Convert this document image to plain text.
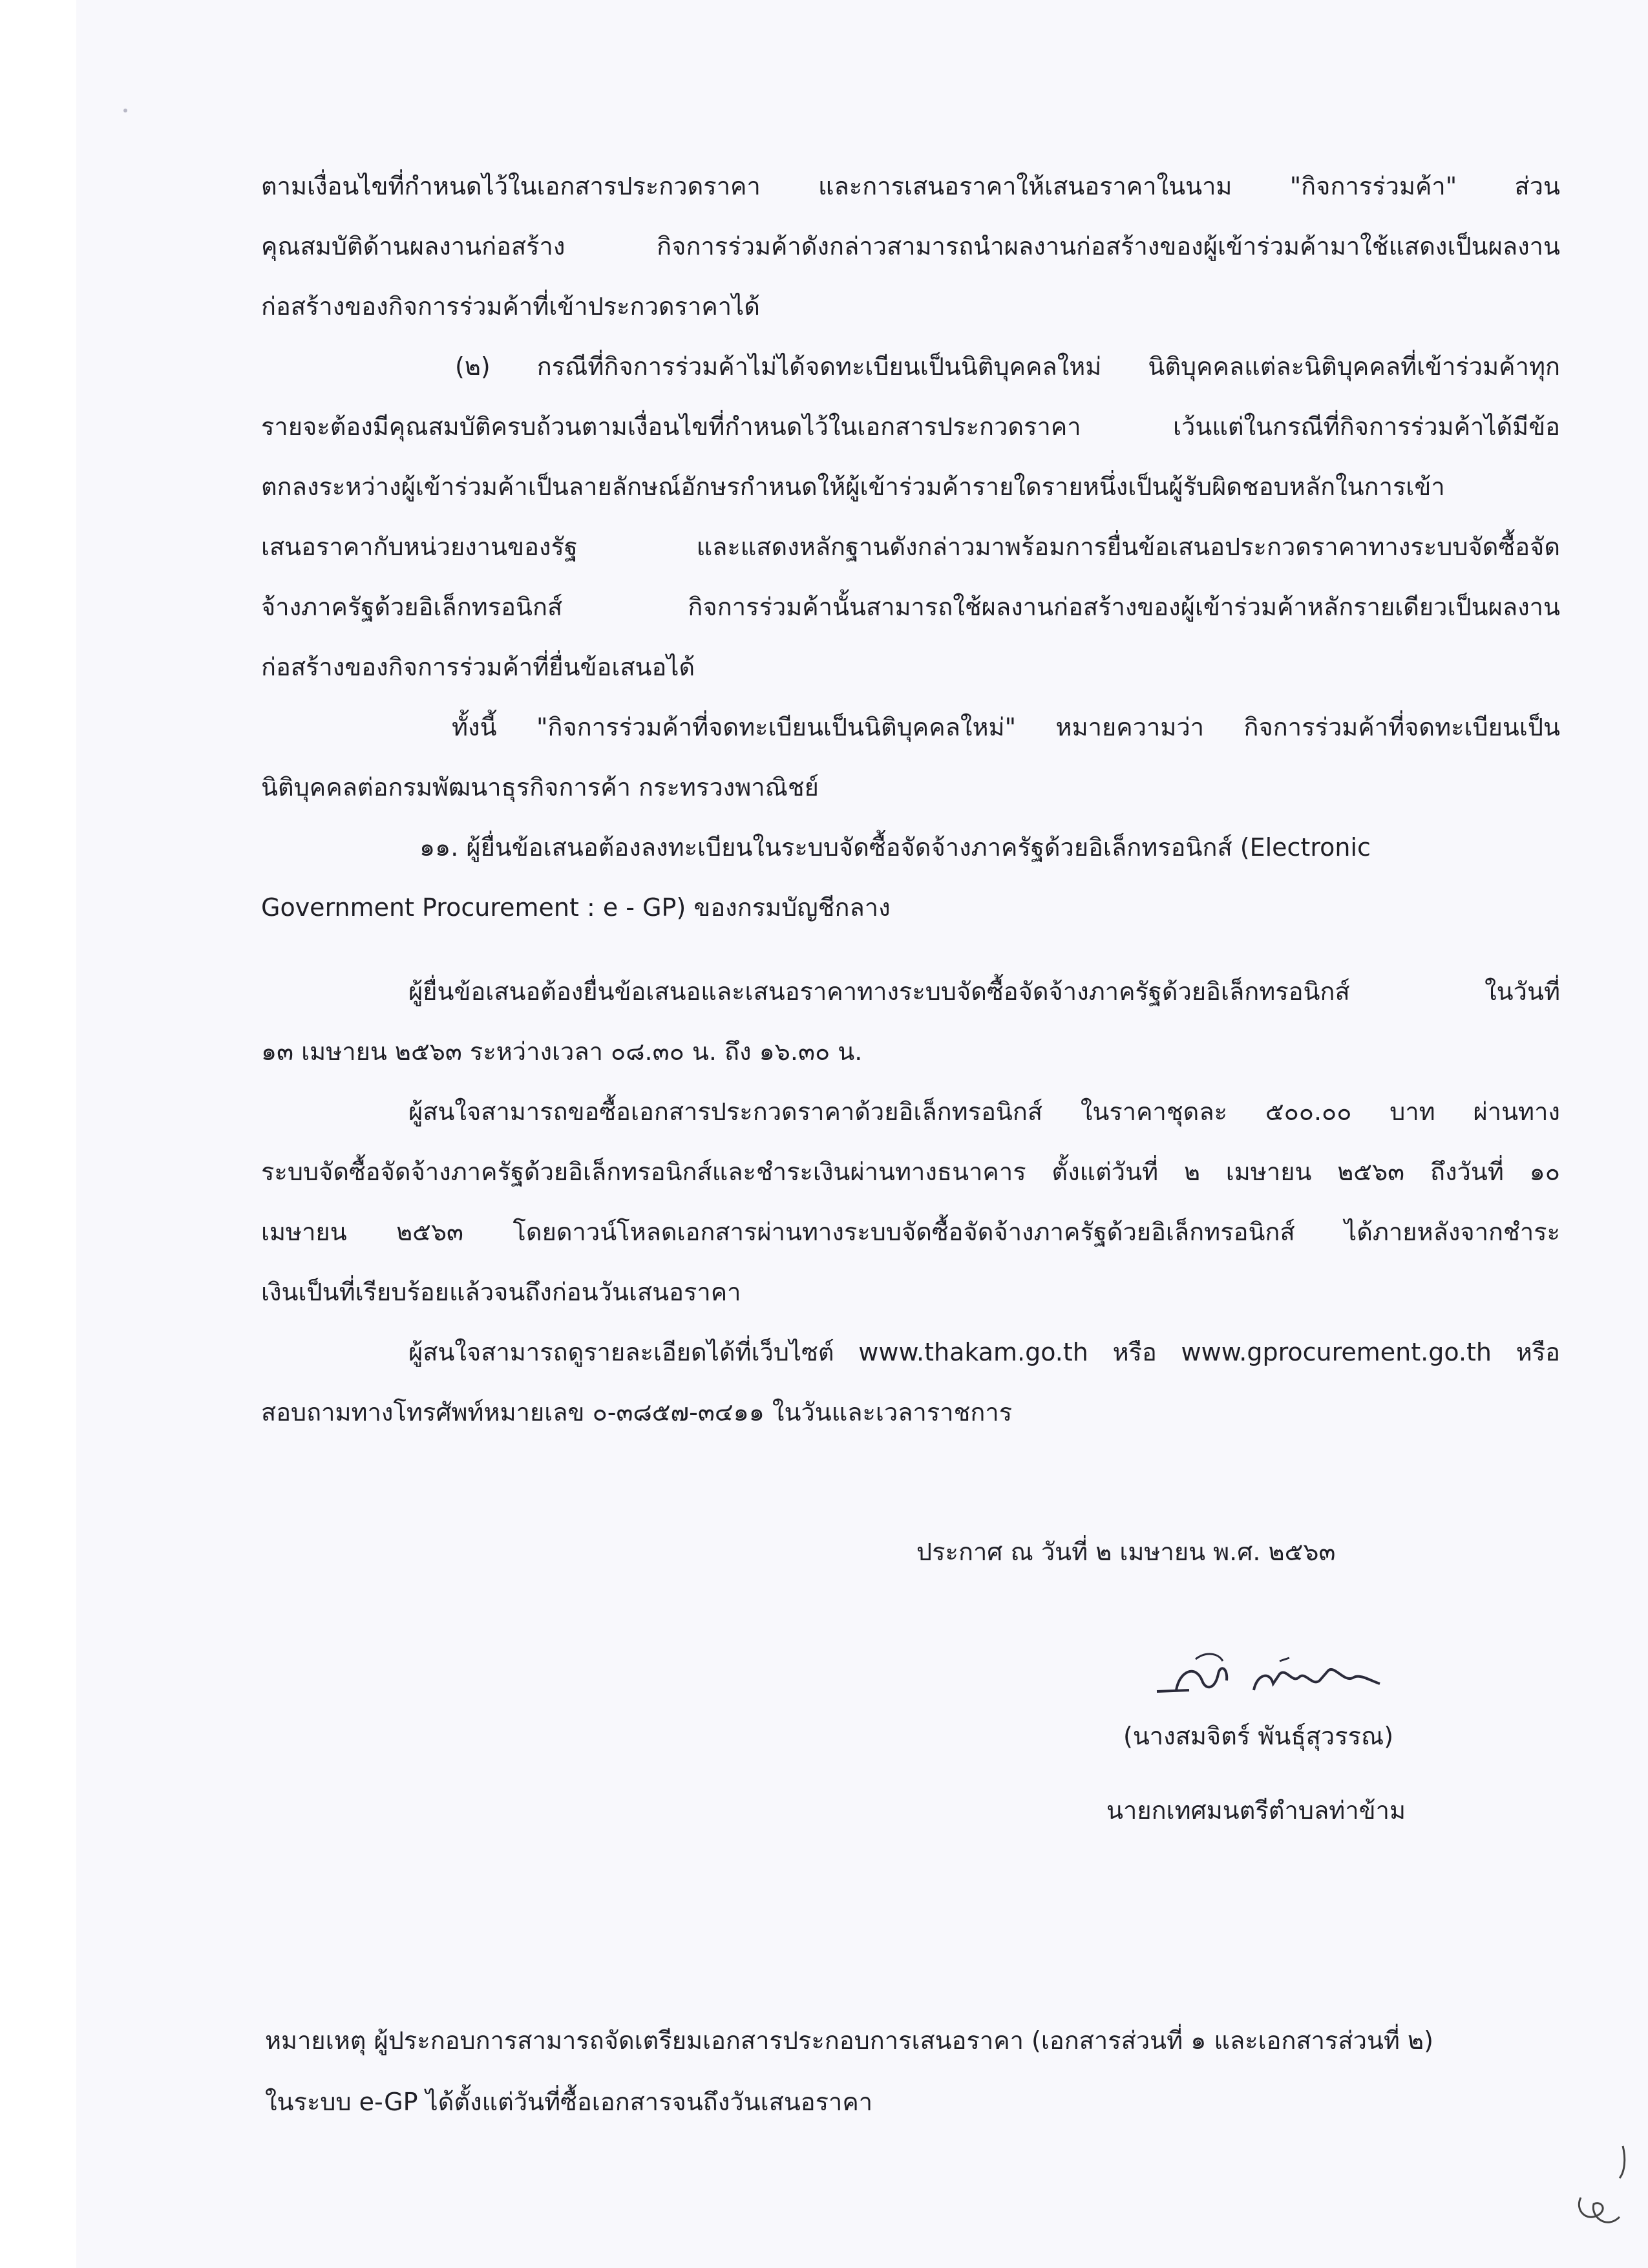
ตามเงื่อนไขที่กำหนดไว้ในเอกสารประกวดราคา และการเสนอราคาให้เสนอราคาในนาม "กิจการร่วมค้า" ส่วน
คุณสมบัติด้านผลงานก่อสร้าง กิจการร่วมค้าดังกล่าวสามารถนำผลงานก่อสร้างของผู้เข้าร่วมค้ามาใช้แสดงเป็นผลงาน
ก่อสร้างของกิจการร่วมค้าที่เข้าประกวดราคาได้
(๒) กรณีที่กิจการร่วมค้าไม่ได้จดทะเบียนเป็นนิติบุคคลใหม่ นิติบุคคลแต่ละนิติบุคคลที่เข้าร่วมค้าทุก
รายจะต้องมีคุณสมบัติครบถ้วนตามเงื่อนไขที่กำหนดไว้ในเอกสารประกวดราคา เว้นแต่ในกรณีที่กิจการร่วมค้าได้มีข้อ
ตกลงระหว่างผู้เข้าร่วมค้าเป็นลายลักษณ์อักษรกำหนดให้ผู้เข้าร่วมค้ารายใดรายหนึ่งเป็นผู้รับผิดชอบหลักในการเข้า
เสนอราคากับหน่วยงานของรัฐ และแสดงหลักฐานดังกล่าวมาพร้อมการยื่นข้อเสนอประกวดราคาทางระบบจัดซื้อจัด
จ้างภาครัฐด้วยอิเล็กทรอนิกส์ กิจการร่วมค้านั้นสามารถใช้ผลงานก่อสร้างของผู้เข้าร่วมค้าหลักรายเดียวเป็นผลงาน
ก่อสร้างของกิจการร่วมค้าที่ยื่นข้อเสนอได้
ทั้งนี้ "กิจการร่วมค้าที่จดทะเบียนเป็นนิติบุคคลใหม่" หมายความว่า กิจการร่วมค้าที่จดทะเบียนเป็น
นิติบุคคลต่อกรมพัฒนาธุรกิจการค้า กระทรวงพาณิชย์
๑๑. ผู้ยื่นข้อเสนอต้องลงทะเบียนในระบบจัดซื้อจัดจ้างภาครัฐด้วยอิเล็กทรอนิกส์ (Electronic
Government Procurement : e - GP) ของกรมบัญชีกลาง
ผู้ยื่นข้อเสนอต้องยื่นข้อเสนอและเสนอราคาทางระบบจัดซื้อจัดจ้างภาครัฐด้วยอิเล็กทรอนิกส์ ในวันที่
๑๓ เมษายน ๒๕๖๓ ระหว่างเวลา ๐๘.๓๐ น. ถึง ๑๖.๓๐ น.
ผู้สนใจสามารถขอซื้อเอกสารประกวดราคาด้วยอิเล็กทรอนิกส์ ในราคาชุดละ ๕๐๐.๐๐ บาท ผ่านทาง
ระบบจัดซื้อจัดจ้างภาครัฐด้วยอิเล็กทรอนิกส์และชำระเงินผ่านทางธนาคาร ตั้งแต่วันที่ ๒ เมษายน ๒๕๖๓ ถึงวันที่ ๑๐
เมษายน ๒๕๖๓ โดยดาวน์โหลดเอกสารผ่านทางระบบจัดซื้อจัดจ้างภาครัฐด้วยอิเล็กทรอนิกส์ ได้ภายหลังจากชำระ
เงินเป็นที่เรียบร้อยแล้วจนถึงก่อนวันเสนอราคา
ผู้สนใจสามารถดูรายละเอียดได้ที่เว็บไซต์ www.thakam.go.th หรือ www.gprocurement.go.th หรือ
สอบถามทางโทรศัพท์หมายเลข ๐-๓๘๕๗-๓๔๑๑ ในวันและเวลาราชการ
ประกาศ ณ วันที่ ๒ เมษายน พ.ศ. ๒๕๖๓
(นางสมจิตร์ พันธุ์สุวรรณ)
นายกเทศมนตรีตำบลท่าข้าม
หมายเหตุ ผู้ประกอบการสามารถจัดเตรียมเอกสารประกอบการเสนอราคา (เอกสารส่วนที่ ๑ และเอกสารส่วนที่ ๒)
ในระบบ e-GP ได้ตั้งแต่วันที่ซื้อเอกสารจนถึงวันเสนอราคา
